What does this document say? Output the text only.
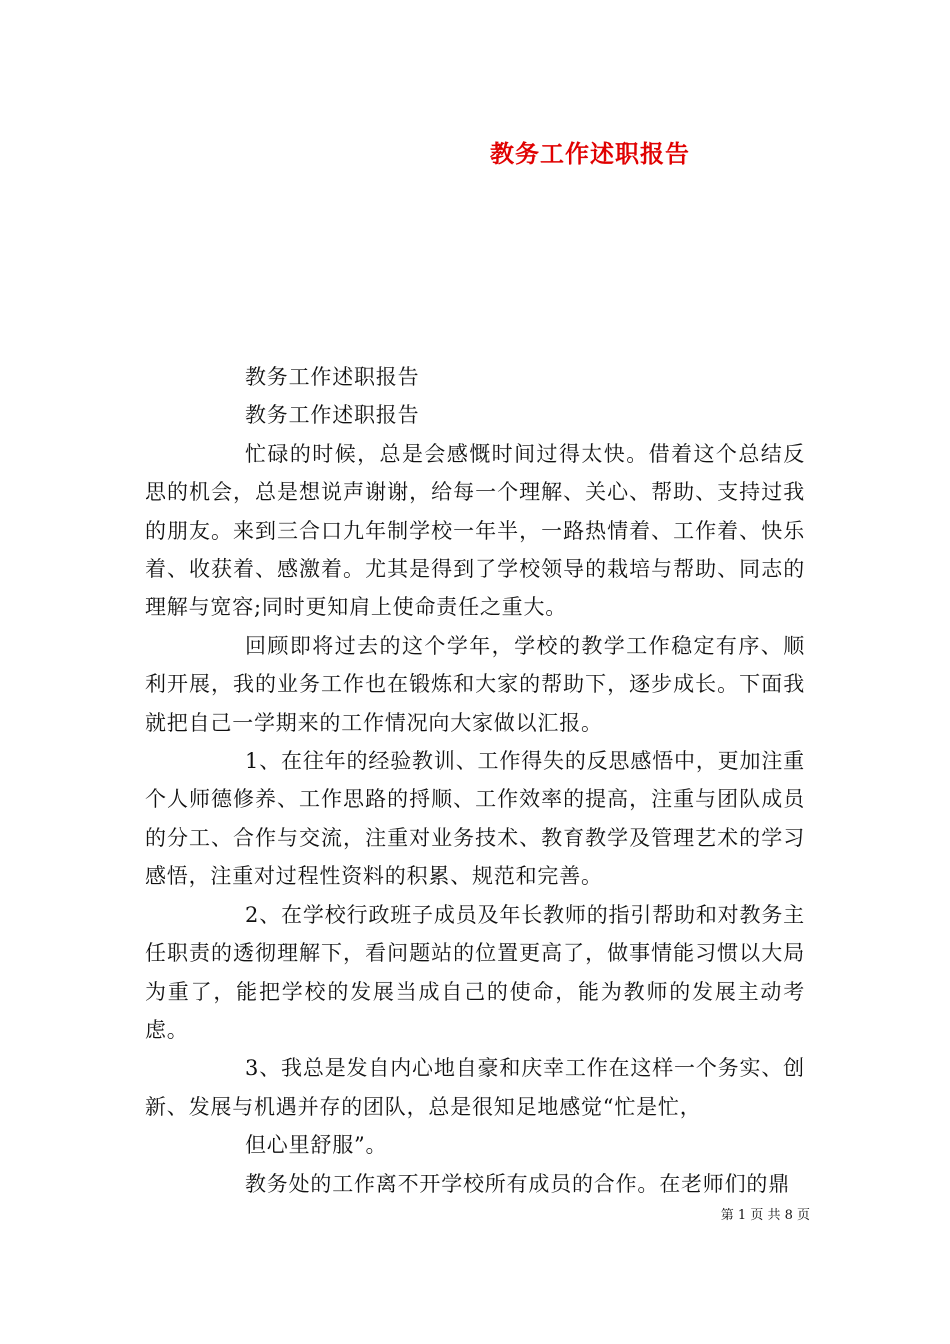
教务工作述职报告

教务工作述职报告

教务工作述职报告

忙碌的时候，总是会感慨时间过得太快。借着这个总结反思的机会，总是想说声谢谢，给每一个理解、关心、帮助、支持过我的朋友。来到三合口九年制学校一年半，一路热情着、工作着、快乐着、收获着、感激着。尤其是得到了学校领导的栽培与帮助、同志的理解与宽容;同时更知肩上使命责任之重大。

回顾即将过去的这个学年，学校的教学工作稳定有序、顺利开展，我的业务工作也在锻炼和大家的帮助下，逐步成长。下面我就把自己一学期来的工作情况向大家做以汇报。

1、在往年的经验教训、工作得失的反思感悟中，更加注重个人师德修养、工作思路的捋顺、工作效率的提高，注重与团队成员的分工、合作与交流，注重对业务技术、教育教学及管理艺术的学习感悟，注重对过程性资料的积累、规范和完善。

2、在学校行政班子成员及年长教师的指引帮助和对教务主任职责的透彻理解下，看问题站的位置更高了，做事情能习惯以大局为重了，能把学校的发展当成自己的使命，能为教师的发展主动考虑。

3、我总是发自内心地自豪和庆幸工作在这样一个务实、创新、发展与机遇并存的团队，总是很知足地感觉“忙是忙，

但心里舒服”。

教务处的工作离不开学校所有成员的合作。在老师们的鼎

第 1 页 共 8 页
